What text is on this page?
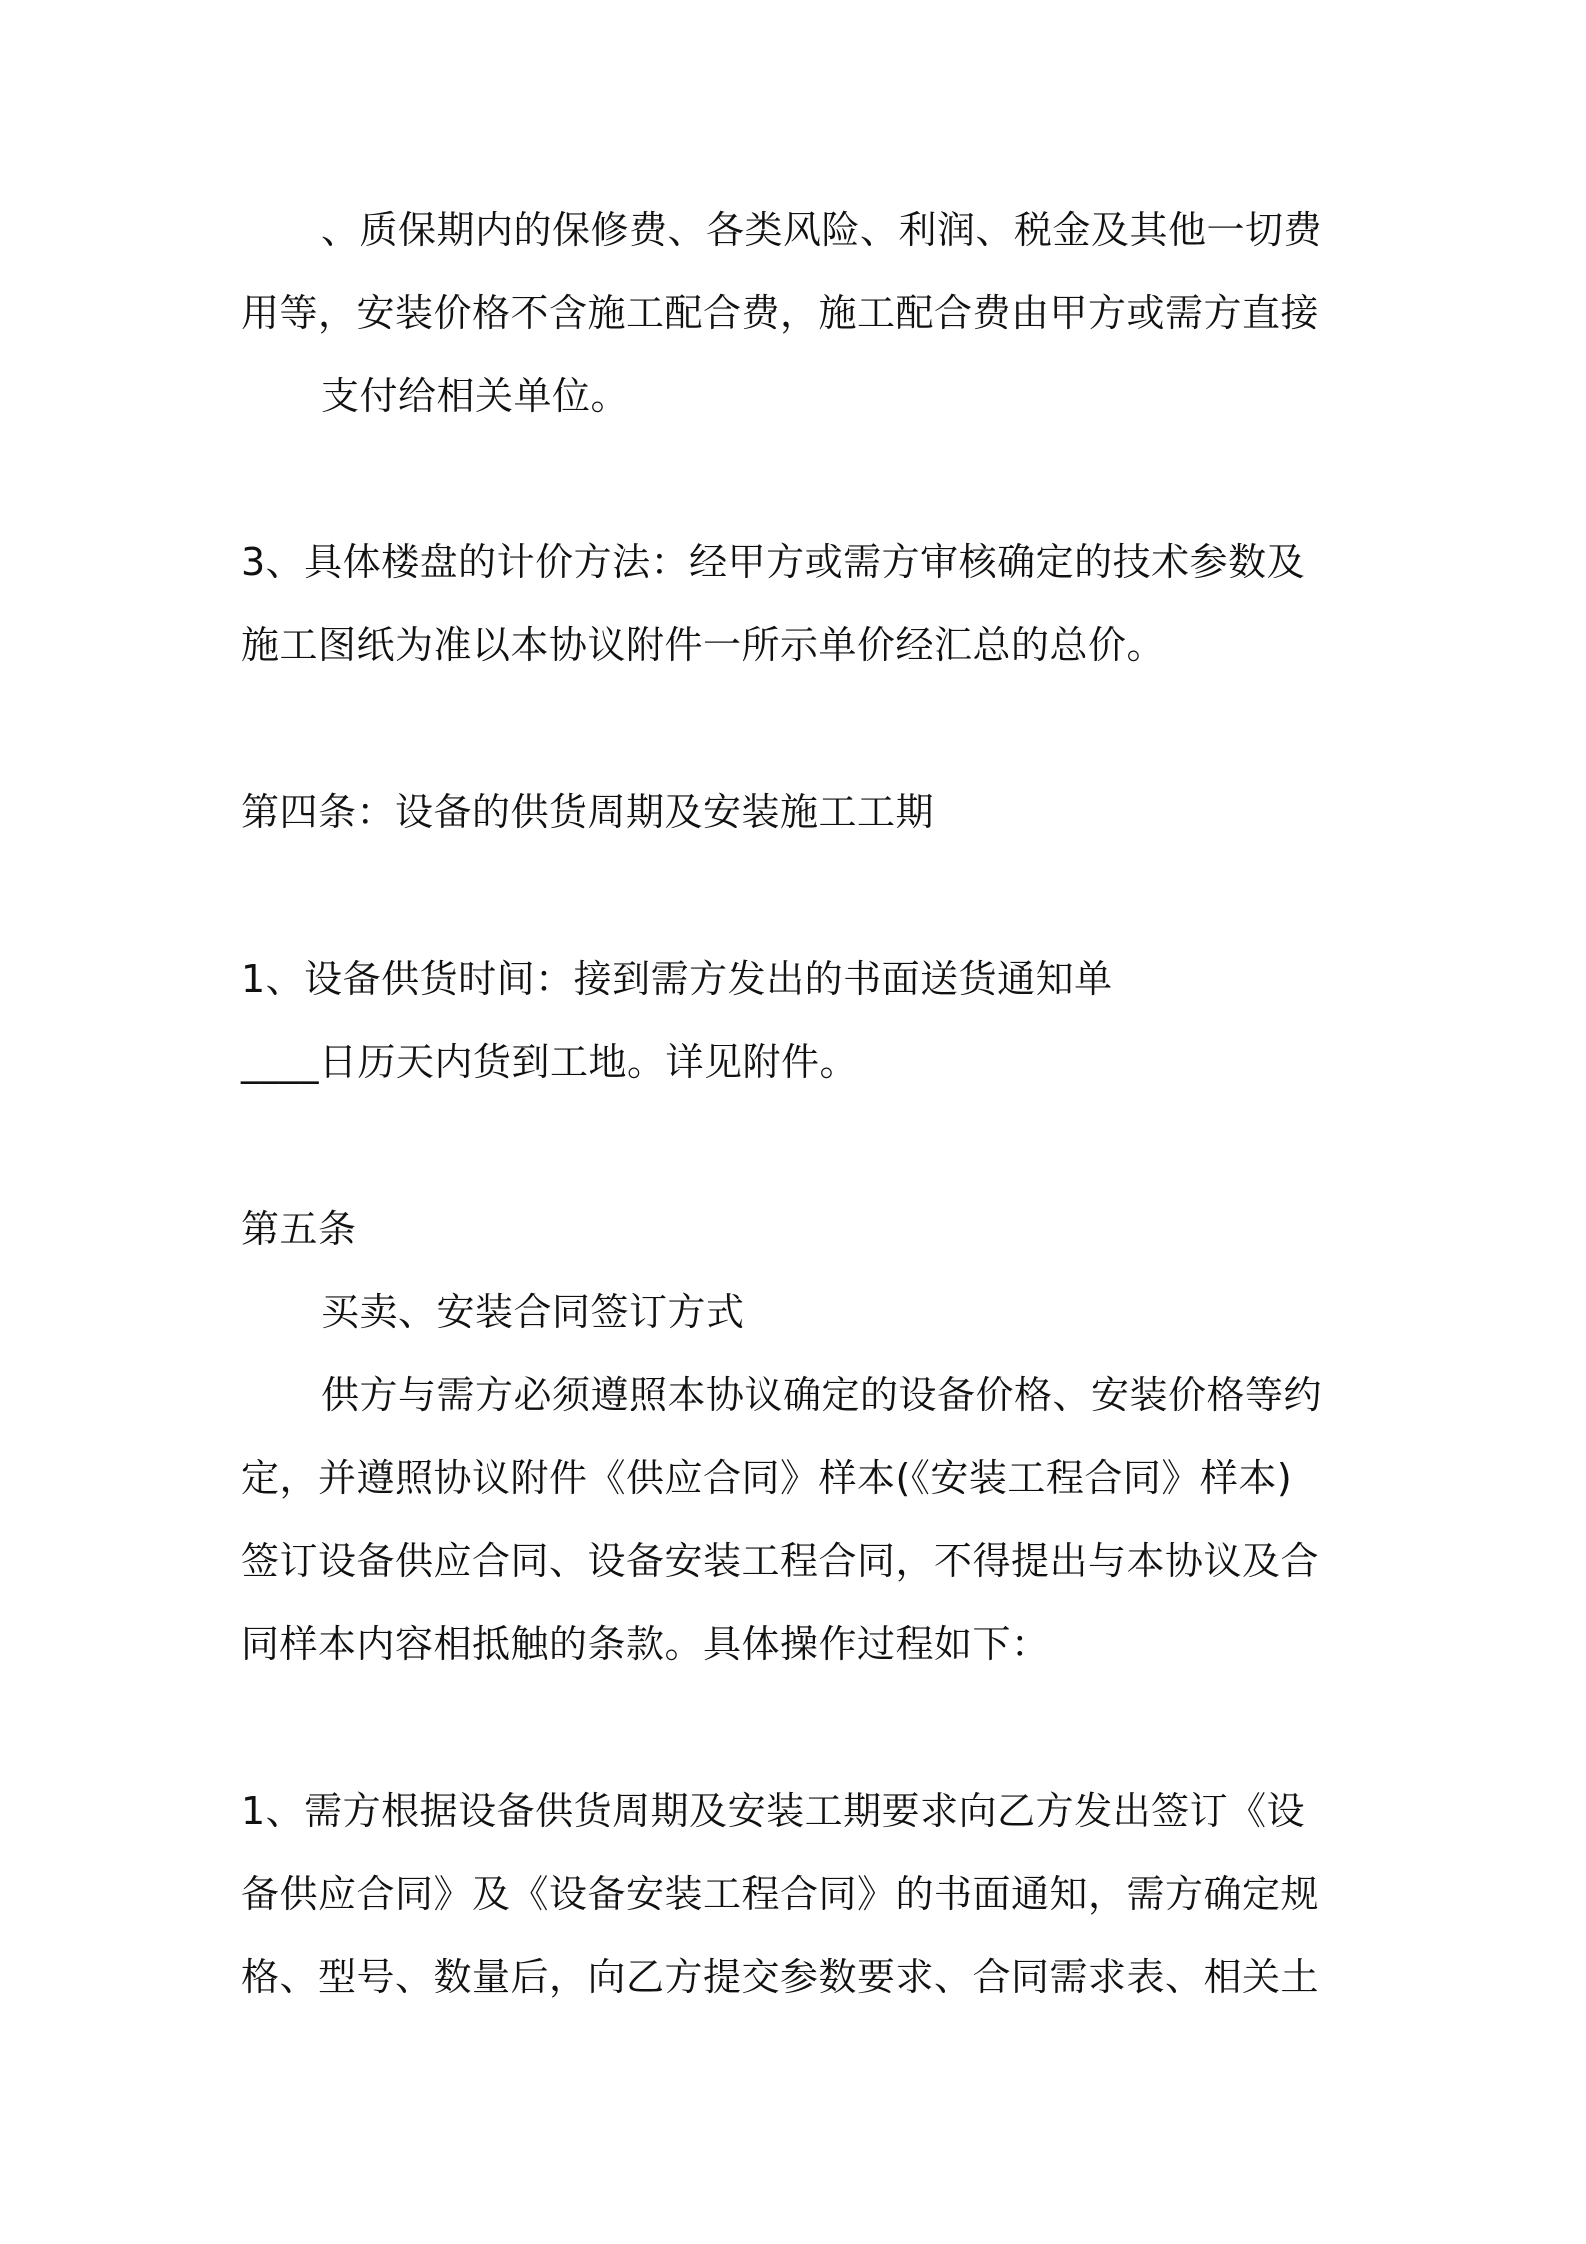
、质保期内的保修费、各类风险、利润、税金及其他一切费
用等，安装价格不含施工配合费，施工配合费由甲方或需方直接
支付给相关单位。
3、具体楼盘的计价方法：经甲方或需方审核确定的技术参数及
施工图纸为准以本协议附件一所示单价经汇总的总价。
第四条：设备的供货周期及安装施工工期
1、设备供货时间：接到需方发出的书面送货通知单
____日历天内货到工地。详见附件。
第五条
买卖、安装合同签订方式
供方与需方必须遵照本协议确定的设备价格、安装价格等约
定，并遵照协议附件《供应合同》样本(《安装工程合同》样本)
签订设备供应合同、设备安装工程合同，不得提出与本协议及合
同样本内容相抵触的条款。具体操作过程如下：
1、需方根据设备供货周期及安装工期要求向乙方发出签订《设
备供应合同》及《设备安装工程合同》的书面通知，需方确定规
格、型号、数量后，向乙方提交参数要求、合同需求表、相关土
